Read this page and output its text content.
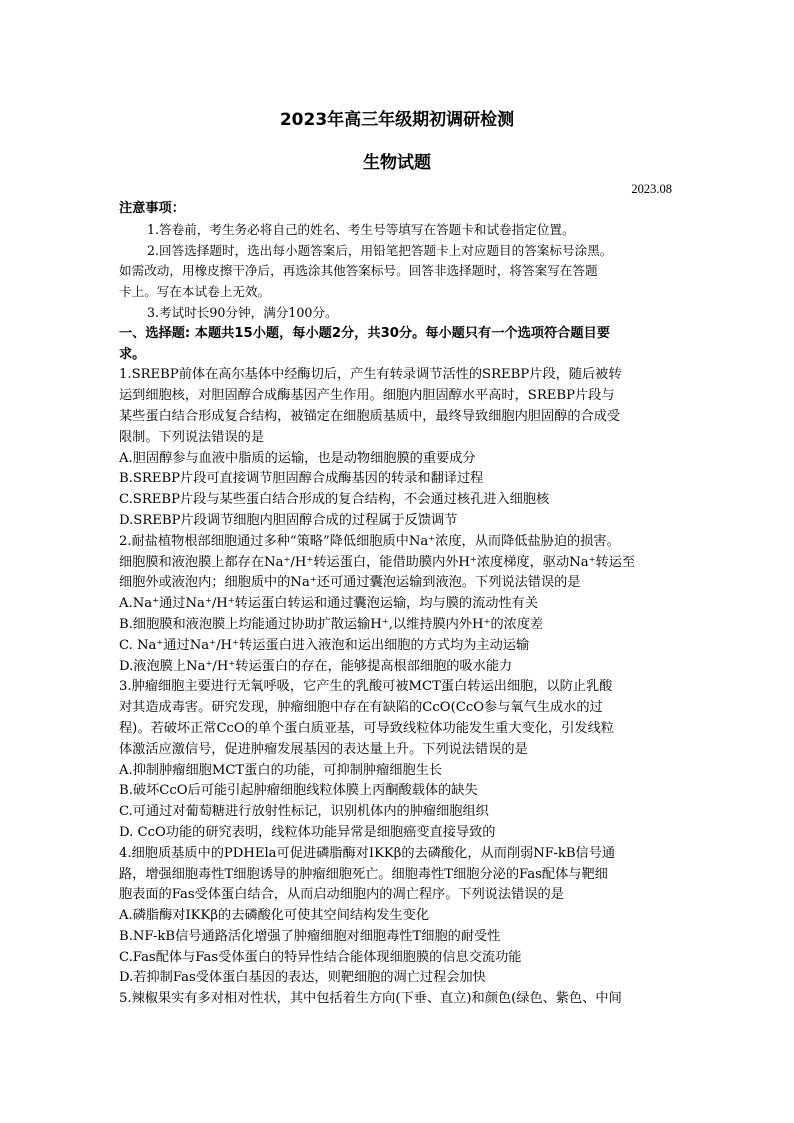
2023年高三年级期初调研检测
生物试题
2023.08
注意事项：
1.答卷前，考生务必将自己的姓名、考生号等填写在答题卡和试卷指定位置。
2.回答选择题时，选出每小题答案后，用铅笔把答题卡上对应题目的答案标号涂黑。
如需改动，用橡皮擦干净后，再选涂其他答案标号。回答非选择题时，将答案写在答题
卡上。写在本试卷上无效。
3.考试时长90分钟，满分100分。
一、选择题: 本题共15小题，每小题2分，共30分。每小题只有一个选项符合题目要
求。
1.SREBP前体在高尔基体中经酶切后，产生有转录调节活性的SREBP片段，随后被转
运到细胞核，对胆固醇合成酶基因产生作用。细胞内胆固醇水平高时，SREBP片段与
某些蛋白结合形成复合结构，被锚定在细胞质基质中，最终导致细胞内胆固醇的合成受
限制。下列说法错误的是
A.胆固醇参与血液中脂质的运输，也是动物细胞膜的重要成分
B.SREBP片段可直接调节胆固醇合成酶基因的转录和翻译过程
C.SREBP片段与某些蛋白结合形成的复合结构，不会通过核孔进入细胞核
D.SREBP片段调节细胞内胆固醇合成的过程属于反馈调节
2.耐盐植物根部细胞通过多种“策略”降低细胞质中Na⁺浓度，从而降低盐胁迫的损害。
细胞膜和液泡膜上都存在Na⁺/H⁺转运蛋白，能借助膜内外H⁺浓度梯度，驱动Na⁺转运至
细胞外或液泡内；细胞质中的Na⁺还可通过囊泡运输到液泡。下列说法错误的是
A.Na⁺通过Na⁺/H⁺转运蛋白转运和通过囊泡运输，均与膜的流动性有关
B.细胞膜和液泡膜上均能通过协助扩散运输H⁺,以维持膜内外H⁺的浓度差
C. Na⁺通过Na⁺/H⁺转运蛋白进入液泡和运出细胞的方式均为主动运输
D.液泡膜上Na⁺/H⁺转运蛋白的存在，能够提高根部细胞的吸水能力
3.肿瘤细胞主要进行无氧呼吸，它产生的乳酸可被MCT蛋白转运出细胞，以防止乳酸
对其造成毒害。研究发现，肿瘤细胞中存在有缺陷的CcO(CcO参与氧气生成水的过
程)。若破坏正常CcO的单个蛋白质亚基，可导致线粒体功能发生重大变化，引发线粒
体激活应激信号，促进肿瘤发展基因的表达量上升。下列说法错误的是
A.抑制肿瘤细胞MCT蛋白的功能，可抑制肿瘤细胞生长
B.破坏CcO后可能引起肿瘤细胞线粒体膜上丙酮酸载体的缺失
C.可通过对葡萄糖进行放射性标记，识别机体内的肿瘤细胞组织
D. CcO功能的研究表明，线粒体功能异常是细胞癌变直接导致的
4.细胞质基质中的PDHEla可促进磷脂酶对IKKβ的去磷酸化，从而削弱NF-kB信号通
路，增强细胞毒性T细胞诱导的肿瘤细胞死亡。细胞毒性T细胞分泌的Fas配体与靶细
胞表面的Fas受体蛋白结合，从而启动细胞内的凋亡程序。下列说法错误的是
A.磷脂酶对IKKβ的去磷酸化可使其空间结构发生变化
B.NF-kB信号通路活化增强了肿瘤细胞对细胞毒性T细胞的耐受性
C.Fas配体与Fas受体蛋白的特异性结合能体现细胞膜的信息交流功能
D.若抑制Fas受体蛋白基因的表达，则靶细胞的凋亡过程会加快
5.辣椒果实有多对相对性状，其中包括着生方向(下垂、直立)和颜色(绿色、紫色、中间
